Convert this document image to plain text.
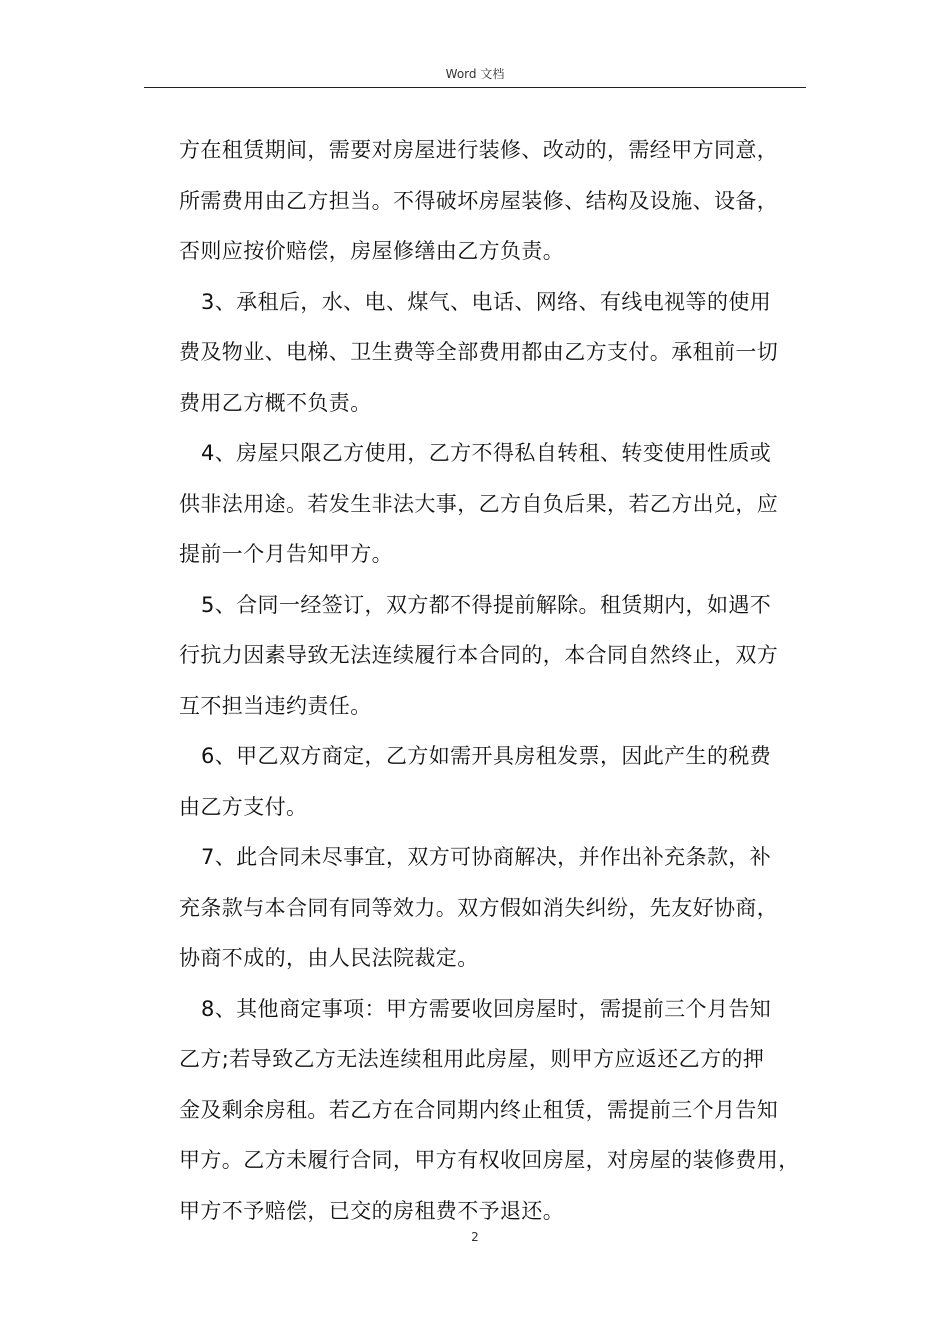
Word 文档
方在租赁期间，需要对房屋进行装修、改动的，需经甲方同意，
所需费用由乙方担当。不得破坏房屋装修、结构及设施、设备，
否则应按价赔偿，房屋修缮由乙方负责。
3、承租后，水、电、煤气、电话、网络、有线电视等的使用
费及物业、电梯、卫生费等全部费用都由乙方支付。承租前一切
费用乙方概不负责。
4、房屋只限乙方使用，乙方不得私自转租、转变使用性质或
供非法用途。若发生非法大事，乙方自负后果，若乙方出兑，应
提前一个月告知甲方。
5、合同一经签订，双方都不得提前解除。租赁期内，如遇不
行抗力因素导致无法连续履行本合同的，本合同自然终止，双方
互不担当违约责任。
6、甲乙双方商定，乙方如需开具房租发票，因此产生的税费
由乙方支付。
7、此合同未尽事宜，双方可协商解决，并作出补充条款，补
充条款与本合同有同等效力。双方假如消失纠纷，先友好协商，
协商不成的，由人民法院裁定。
8、其他商定事项：甲方需要收回房屋时，需提前三个月告知
乙方;若导致乙方无法连续租用此房屋，则甲方应返还乙方的押
金及剩余房租。若乙方在合同期内终止租赁，需提前三个月告知
甲方。乙方未履行合同，甲方有权收回房屋，对房屋的装修费用，
甲方不予赔偿，已交的房租费不予退还。
2
